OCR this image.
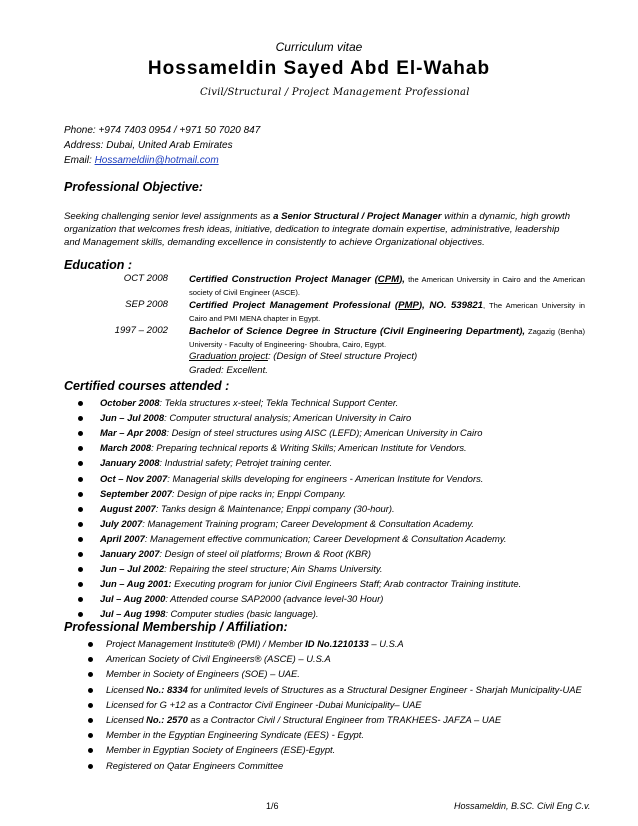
Curriculum vitae
Hossameldin Sayed Abd El-Wahab
Civil/Structural / Project Management Professional
Phone: +974 7403 0954 / +971 50 7020 847
Address: Dubai, United Arab Emirates
Email: Hossameldiin@hotmail.com
Professional Objective:
Seeking challenging senior level assignments as a Senior Structural / Project Manager within a dynamic, high growth organization that welcomes fresh ideas, initiative, dedication to integrate domain expertise, administrative, leadership and Management skills, demanding excellence in consistently to achieve Organizational objectives.
Education :
OCT 2008 Certified Construction Project Manager (CPM), the American University in Cairo and the American society of Civil Engineer (ASCE).
SEP 2008 Certified Project Management Professional (PMP), NO. 539821, The American University in Cairo and PMI MENA chapter in Egypt.
1997 – 2002 Bachelor of Science Degree in Structure (Civil Engineering Department), Zagazig (Benha) University - Faculty of Engineering- Shoubra, Cairo, Egypt.
Graduation project: (Design of Steel structure Project)
Graded: Excellent.
Certified courses attended :
October 2008: Tekla structures x-steel; Tekla Technical Support Center.
Jun – Jul 2008: Computer structural analysis; American University in Cairo
Mar – Apr 2008: Design of steel structures using AISC (LEFD); American University in Cairo
March 2008: Preparing technical reports & Writing Skills; American Institute for Vendors.
January 2008: Industrial safety; Petrojet training center.
Oct – Nov 2007: Managerial skills developing for engineers - American Institute for Vendors.
September 2007: Design of pipe racks in; Enppi Company.
August 2007: Tanks design & Maintenance; Enppi company (30-hour).
July 2007: Management Training program; Career Development & Consultation Academy.
April 2007: Management effective communication; Career Development & Consultation Academy.
January 2007: Design of steel oil platforms; Brown & Root (KBR)
Jun – Jul 2002: Repairing the steel structure; Ain Shams University.
Jun – Aug 2001: Executing program for junior Civil Engineers Staff; Arab contractor Training institute.
Jul – Aug 2000: Attended course SAP2000 (advance level-30 Hour)
Jul – Aug 1998: Computer studies (basic language).
Professional Membership / Affiliation:
Project Management Institute® (PMI) / Member ID No.1210133 – U.S.A
American Society of Civil Engineers® (ASCE) – U.S.A
Member in Society of Engineers (SOE) – UAE.
Licensed No.: 8334 for unlimited levels of Structures as a Structural Designer Engineer - Sharjah Municipality-UAE
Licensed for G +12 as a Contractor Civil Engineer -Dubai Municipality– UAE
Licensed No.: 2570 as a Contractor Civil / Structural Engineer from TRAKHEES- JAFZA – UAE
Member in the Egyptian Engineering Syndicate (EES) - Egypt.
Member in Egyptian Society of Engineers (ESE)-Egypt.
Registered on Qatar Engineers Committee
1/6	Hossameldin, B.SC. Civil Eng C.v.
